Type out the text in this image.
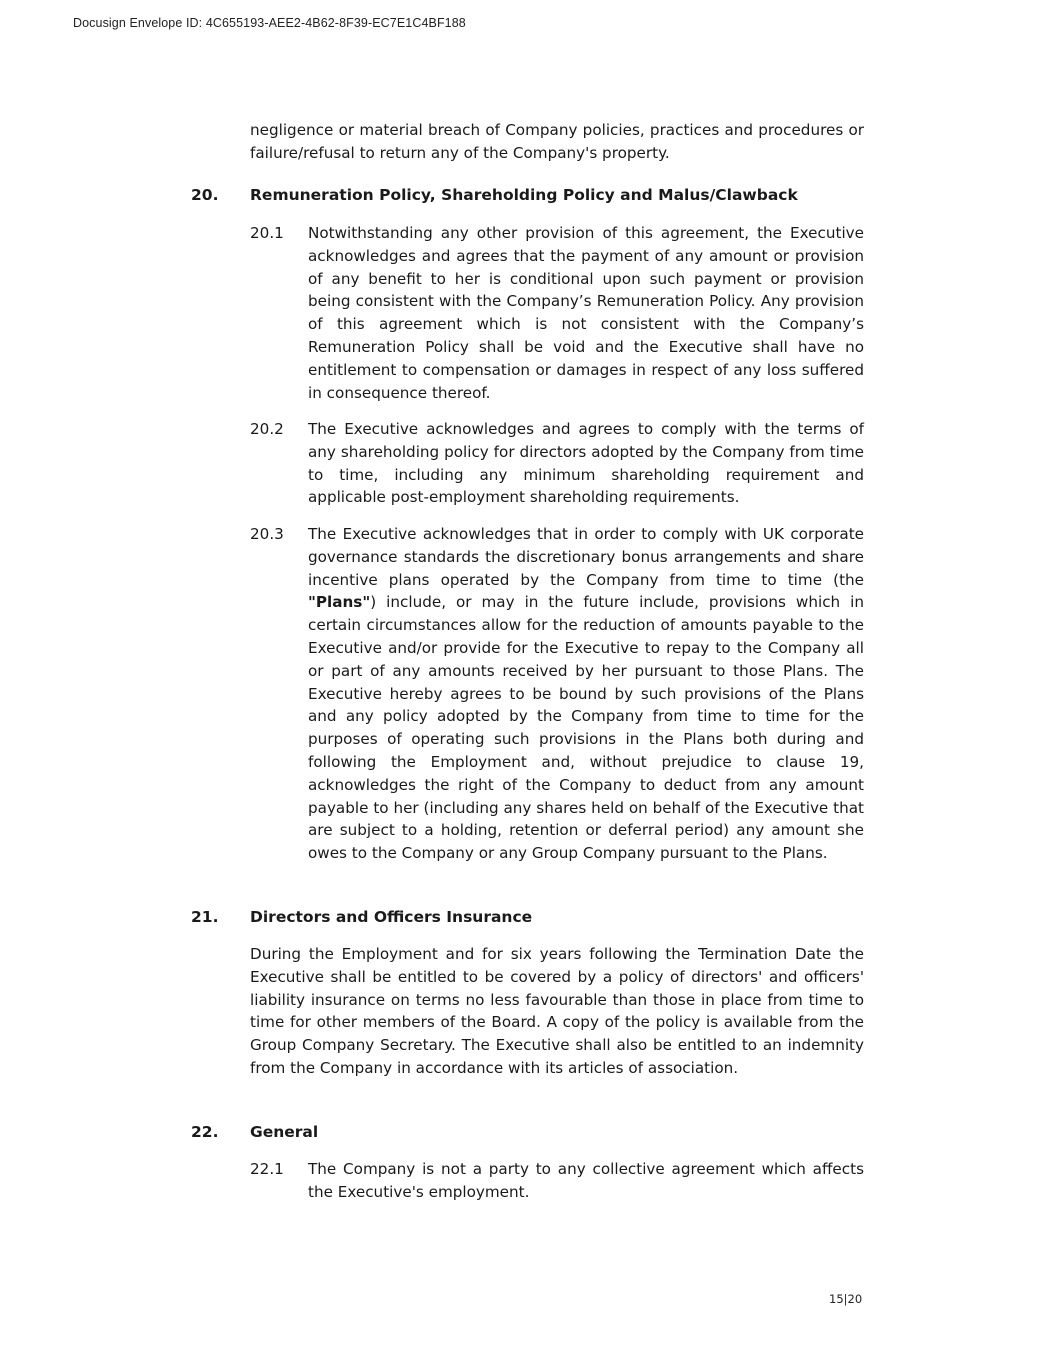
Docusign Envelope ID: 4C655193-AEE2-4B62-8F39-EC7E1C4BF188
negligence or material breach of Company policies, practices and procedures or failure/refusal to return any of the Company's property.
20. Remuneration Policy, Shareholding Policy and Malus/Clawback
20.1 Notwithstanding any other provision of this agreement, the Executive acknowledges and agrees that the payment of any amount or provision of any benefit to her is conditional upon such payment or provision being consistent with the Company’s Remuneration Policy. Any provision of this agreement which is not consistent with the Company’s Remuneration Policy shall be void and the Executive shall have no entitlement to compensation or damages in respect of any loss suffered in consequence thereof.
20.2 The Executive acknowledges and agrees to comply with the terms of any shareholding policy for directors adopted by the Company from time to time, including any minimum shareholding requirement and applicable post-employment shareholding requirements.
20.3 The Executive acknowledges that in order to comply with UK corporate governance standards the discretionary bonus arrangements and share incentive plans operated by the Company from time to time (the "Plans") include, or may in the future include, provisions which in certain circumstances allow for the reduction of amounts payable to the Executive and/or provide for the Executive to repay to the Company all or part of any amounts received by her pursuant to those Plans. The Executive hereby agrees to be bound by such provisions of the Plans and any policy adopted by the Company from time to time for the purposes of operating such provisions in the Plans both during and following the Employment and, without prejudice to clause 19, acknowledges the right of the Company to deduct from any amount payable to her (including any shares held on behalf of the Executive that are subject to a holding, retention or deferral period) any amount she owes to the Company or any Group Company pursuant to the Plans.
21. Directors and Officers Insurance
During the Employment and for six years following the Termination Date the Executive shall be entitled to be covered by a policy of directors' and officers' liability insurance on terms no less favourable than those in place from time to time for other members of the Board. A copy of the policy is available from the Group Company Secretary. The Executive shall also be entitled to an indemnity from the Company in accordance with its articles of association.
22. General
22.1 The Company is not a party to any collective agreement which affects the Executive's employment.
15|20
